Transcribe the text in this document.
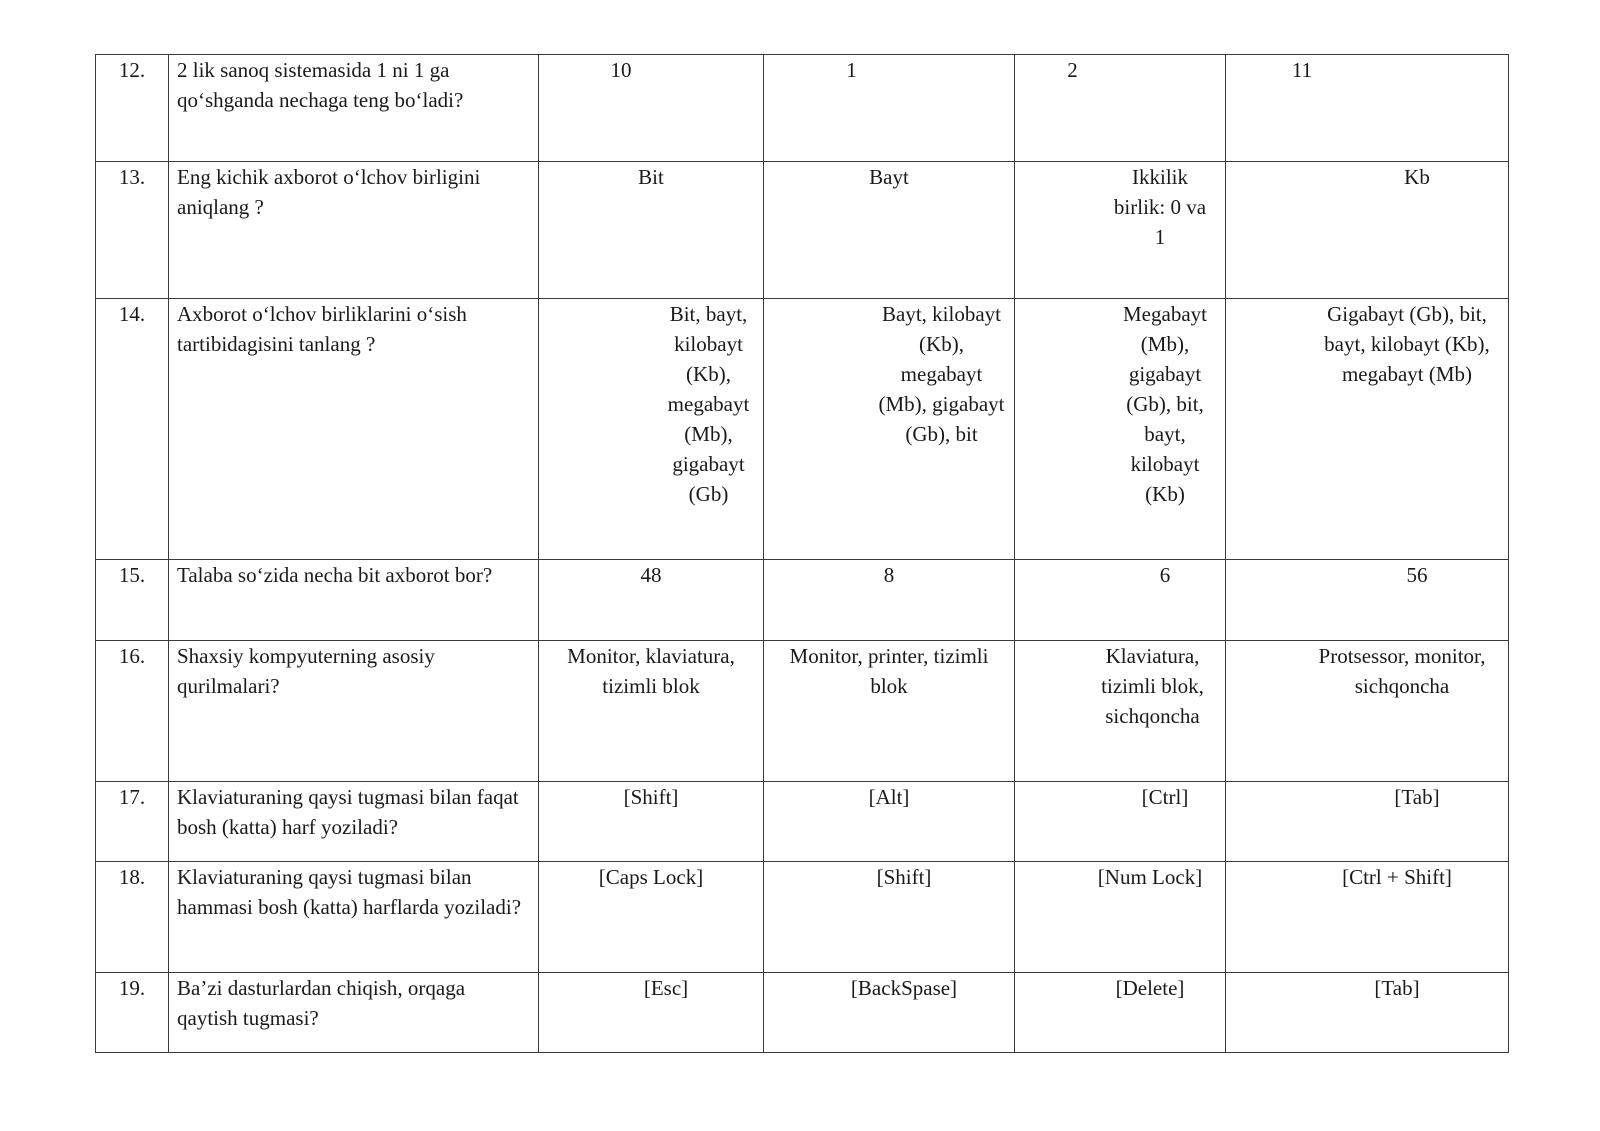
12.	2 lik sanoq sistemasida 1 ni 1 ga qo‘shganda nechaga teng bo‘ladi?	10	1	2	11

13.	Eng kichik axborot o‘lchov birligini aniqlang ?	Bit	Bayt	Ikkilik birlik: 0 va 1	Kb

14.	Axborot o‘lchov birliklarini o‘sish tartibidagisini tanlang ?	Bit, bayt, kilobayt (Kb), megabayt (Mb), gigabayt (Gb)	Bayt, kilobayt (Kb), megabayt (Mb), gigabayt (Gb), bit	Megabayt (Mb), gigabayt (Gb), bit, bayt, kilobayt (Kb)	Gigabayt (Gb), bit, bayt, kilobayt (Kb), megabayt (Mb)

15.	Talaba so‘zida necha bit axborot bor?	48	8	6	56

16.	Shaxsiy kompyuterning asosiy qurilmalari?	Monitor, klaviatura, tizimli blok	Monitor, printer, tizimli blok	Klaviatura, tizimli blok, sichqoncha	Protsessor, monitor, sichqoncha

17.	Klaviaturaning qaysi tugmasi bilan faqat bosh (katta) harf yoziladi?	[Shift]	[Alt]	[Ctrl]	[Tab]

18.	Klaviaturaning qaysi tugmasi bilan hammasi bosh (katta) harflarda yoziladi?	[Caps Lock]	[Shift]	[Num Lock]	[Ctrl + Shift]

19.	Ba’zi dasturlardan chiqish, orqaga qaytish tugmasi?	[Esc]	[BackSpase]	[Delete]	[Tab]
